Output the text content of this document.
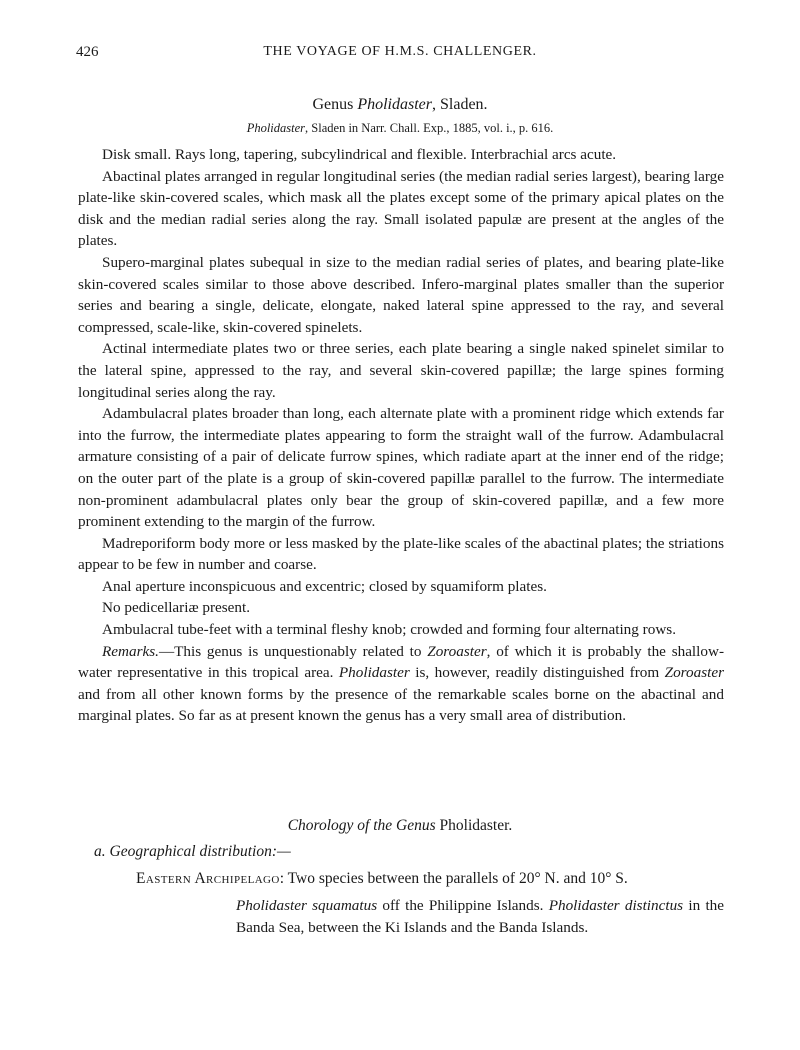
426	THE VOYAGE OF H.M.S. CHALLENGER.
Genus Pholidaster, Sladen.
Pholidaster, Sladen in Narr. Chall. Exp., 1885, vol. i., p. 616.

Disk small. Rays long, tapering, subcylindrical and flexible. Interbrachial arcs acute.

Abactinal plates arranged in regular longitudinal series (the median radial series largest), bearing large plate-like skin-covered scales, which mask all the plates except some of the primary apical plates on the disk and the median radial series along the ray. Small isolated papulæ are present at the angles of the plates.

Supero-marginal plates subequal in size to the median radial series of plates, and bearing plate-like skin-covered scales similar to those above described. Infero-marginal plates smaller than the superior series and bearing a single, delicate, elongate, naked lateral spine appressed to the ray, and several compressed, scale-like, skin-covered spinelets.

Actinal intermediate plates two or three series, each plate bearing a single naked spinelet similar to the lateral spine, appressed to the ray, and several skin-covered papillæ; the large spines forming longitudinal series along the ray.

Adambulacral plates broader than long, each alternate plate with a prominent ridge which extends far into the furrow, the intermediate plates appearing to form the straight wall of the furrow. Adambulacral armature consisting of a pair of delicate furrow spines, which radiate apart at the inner end of the ridge; on the outer part of the plate is a group of skin-covered papillæ parallel to the furrow. The intermediate non-prominent adambulacral plates only bear the group of skin-covered papillæ, and a few more prominent extending to the margin of the furrow.

Madreporiform body more or less masked by the plate-like scales of the abactinal plates; the striations appear to be few in number and coarse.

Anal aperture inconspicuous and excentric; closed by squamiform plates.

No pedicellariæ present.

Ambulacral tube-feet with a terminal fleshy knob; crowded and forming four alternating rows.

Remarks.—This genus is unquestionably related to Zoroaster, of which it is probably the shallow-water representative in this tropical area. Pholidaster is, however, readily distinguished from Zoroaster and from all other known forms by the presence of the remarkable scales borne on the abactinal and marginal plates. So far as at present known the genus has a very small area of distribution.

Chorology of the Genus Pholidaster.
a. Geographical distribution:—
Eastern Archipelago: Two species between the parallels of 20° N. and 10° S.
Pholidaster squamatus off the Philippine Islands. Pholidaster distinctus in the Banda Sea, between the Ki Islands and the Banda Islands.
